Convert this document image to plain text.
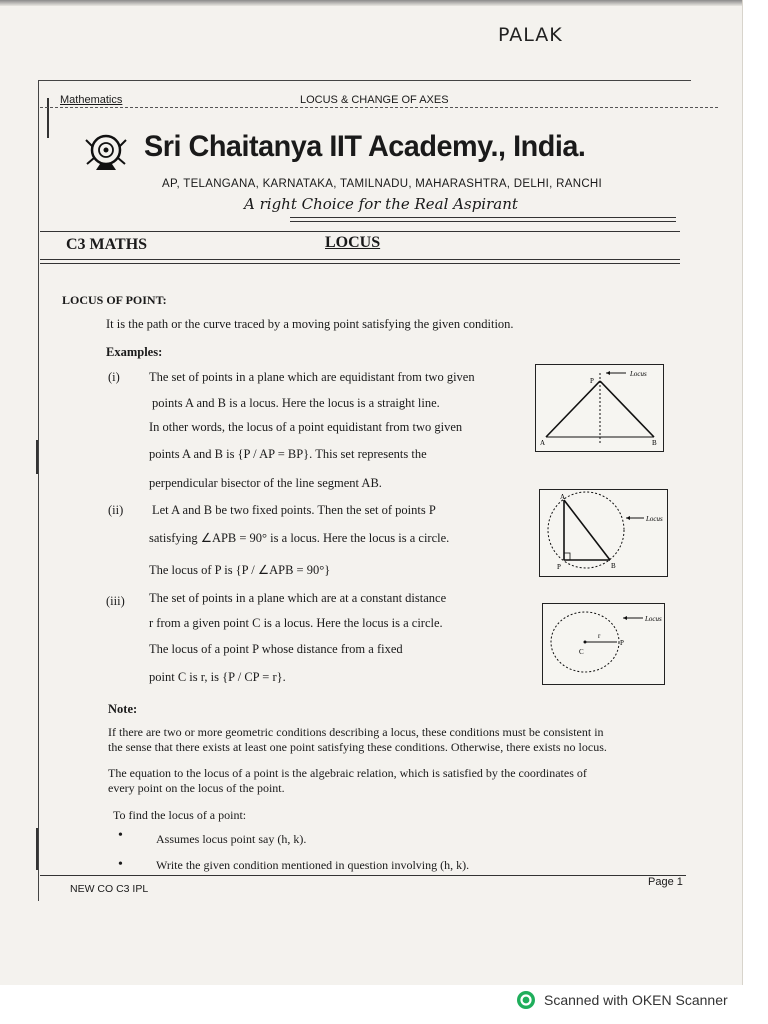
PALAK
Mathematics	LOCUS & CHANGE OF AXES
Sri Chaitanya IIT Academy., India.
AP, TELANGANA, KARNATAKA, TAMILNADU, MAHARASHTRA, DELHI, RANCHI
A right Choice for the Real Aspirant
C3 MATHS	LOCUS
LOCUS OF POINT:
It is the path or the curve traced by a moving point satisfying the given condition.
Examples:
(i) The set of points in a plane which are equidistant from two given
points A and B is a locus. Here the locus is a straight line.
In other words, the locus of a point equidistant from two given
points A and B is {P / AP = BP}. This set represents the
perpendicular bisector of the line segment AB.
Locus
A	B
P
(ii) Let A and B be two fixed points. Then the set of points P
satisfying ∠APB = 90° is a locus. Here the locus is a circle.
The locus of P is {P / ∠APB = 90°}
Locus
A
B
P
(iii) The set of points in a plane which are at a constant distance
r from a given point C is a locus. Here the locus is a circle.
The locus of a point P whose distance from a fixed
point C is r, is {P / CP = r}.
Locus
C
P
r
Note:
If there are two or more geometric conditions describing a locus, these conditions must be consistent in
the sense that there exists at least one point satisfying these conditions. Otherwise, there exists no locus.
The equation to the locus of a point is the algebraic relation, which is satisfied by the coordinates of
every point on the locus of the point.
To find the locus of a point:
•	Assumes locus point say (h, k).
•	Write the given condition mentioned in question involving (h, k).
NEW CO C3 IPL
Page 1
Scanned with OKEN Scanner
